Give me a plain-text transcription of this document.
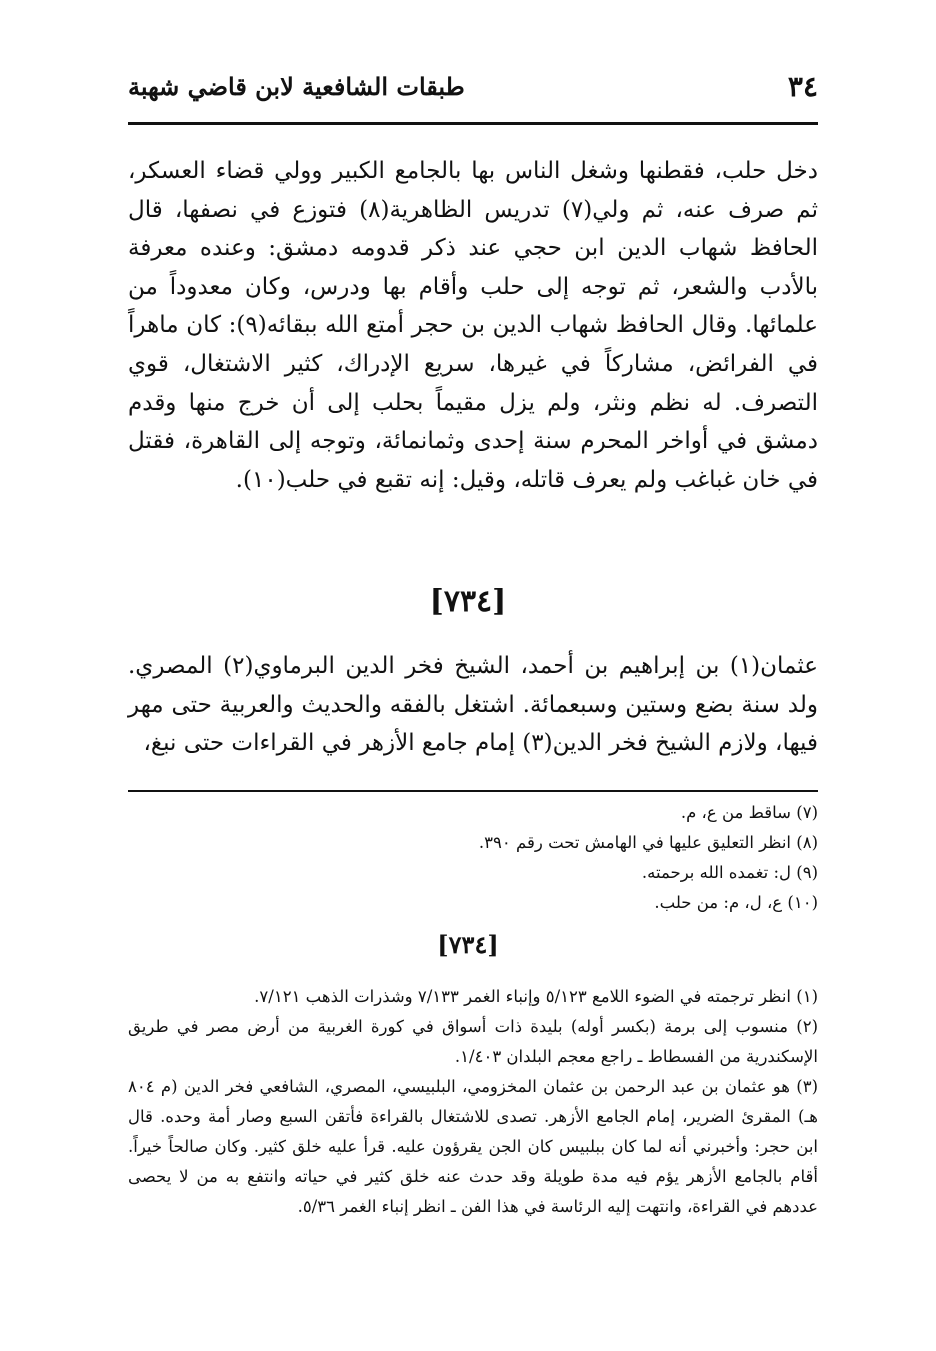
٣٤
طبقات الشافعية لابن قاضي شهبة
دخل حلب، فقطنها وشغل الناس بها بالجامع الكبير وولي قضاء العسكر، ثم صرف عنه، ثم ولي(٧) تدريس الظاهرية(٨) فتوزع في نصفها، قال الحافظ شهاب الدين ابن حجي عند ذكر قدومه دمشق: وعنده معرفة بالأدب والشعر، ثم توجه إلى حلب وأقام بها ودرس، وكان معدوداً من علمائها. وقال الحافظ شهاب الدين بن حجر أمتع الله ببقائه(٩): كان ماهراً في الفرائض، مشاركاً في غيرها، سريع الإدراك، كثير الاشتغال، قوي التصرف. له نظم ونثر، ولم يزل مقيماً بحلب إلى أن خرج منها وقدم دمشق في أواخر المحرم سنة إحدى وثمانمائة، وتوجه إلى القاهرة، فقتل في خان غباغب ولم يعرف قاتله، وقيل: إنه تقبع في حلب(١٠).
[٧٣٤]
عثمان(١) بن إبراهيم بن أحمد، الشيخ فخر الدين البرماوي(٢) المصري. ولد سنة بضع وستين وسبعمائة. اشتغل بالفقه والحديث والعربية حتى مهر فيها، ولازم الشيخ فخر الدين(٣) إمام جامع الأزهر في القراءات حتى نبغ،
(٧) ساقط من ع، م.
(٨) انظر التعليق عليها في الهامش تحت رقم ٣٩٠.
(٩) ل: تغمده الله برحمته.
(١٠) ع، ل، م: من حلب.
[٧٣٤]
(١) انظر ترجمته في الضوء اللامع ٥/١٢٣ وإنباء الغمر ٧/١٣٣ وشذرات الذهب ٧/١٢١.
(٢) منسوب إلى برمة (بكسر أوله) بليدة ذات أسواق في كورة الغربية من أرض مصر في طريق الإسكندرية من الفسطاط ـ راجع معجم البلدان ١/٤٠٣.
(٣) هو عثمان بن عبد الرحمن بن عثمان المخزومي، البلبيسي، المصري، الشافعي فخر الدين (م ٨٠٤ هـ) المقرئ الضرير، إمام الجامع الأزهر. تصدى للاشتغال بالقراءة فأتقن السبع وصار أمة وحده. قال ابن حجر: وأخبرني أنه لما كان ببلبيس كان الجن يقرؤون عليه. قرأ عليه خلق كثير. وكان صالحاً خيراً. أقام بالجامع الأزهر يؤم فيه مدة طويلة وقد حدث عنه خلق كثير في حياته وانتفع به من لا يحصى عددهم في القراءة، وانتهت إليه الرئاسة في هذا الفن ـ انظر إنباء الغمر ٥/٣٦.
